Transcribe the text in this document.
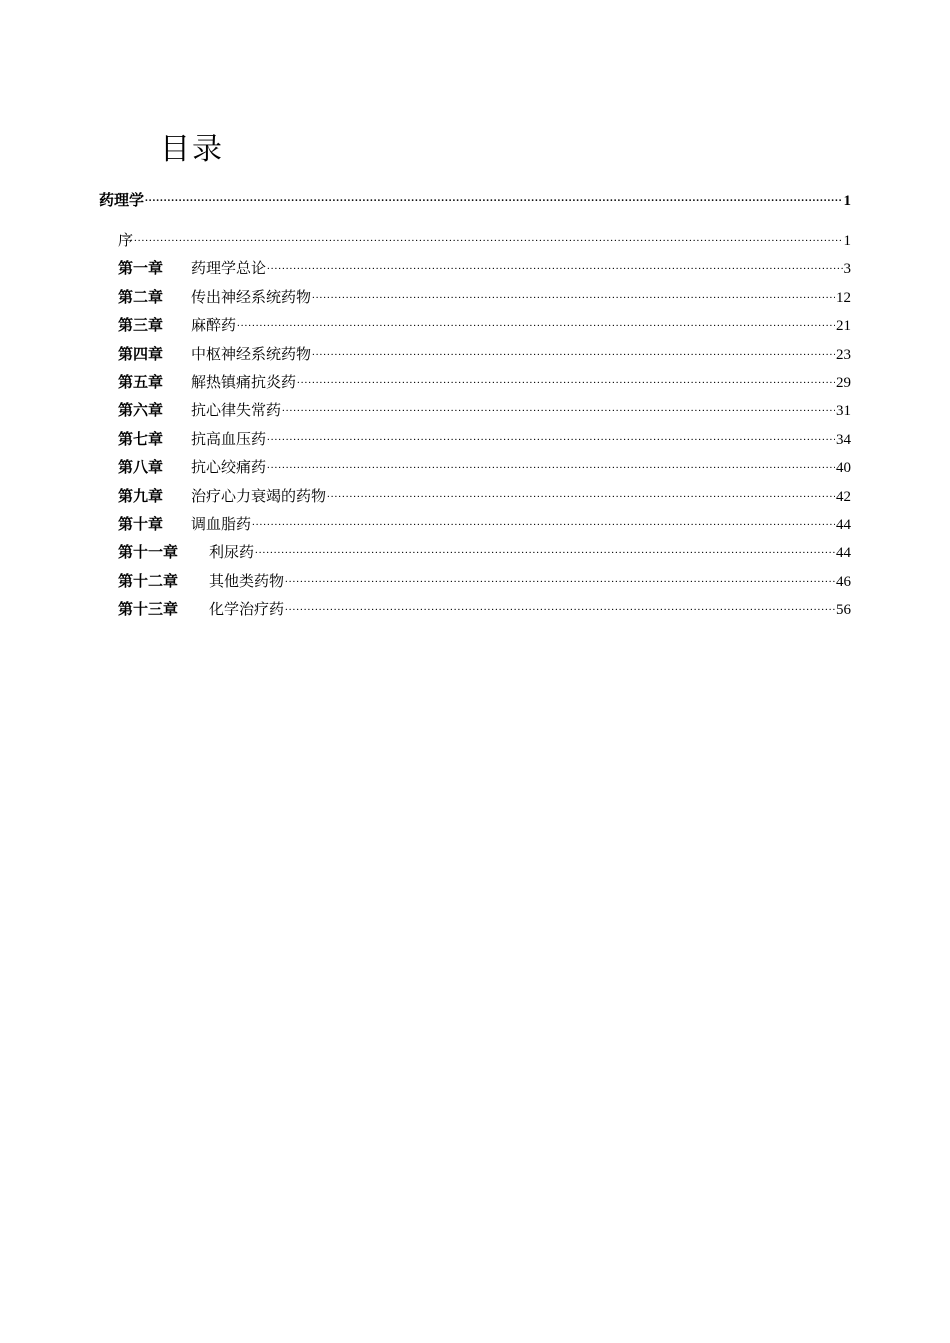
目录
药理学 .....	1
序 .....	1
第一章	药理学总论 .....	3
第二章	传出神经系统药物 .....	12
第三章	麻醉药 .....	21
第四章	中枢神经系统药物 .....	23
第五章	解热镇痛抗炎药 .....	29
第六章	抗心律失常药 .....	31
第七章	抗高血压药 .....	34
第八章	抗心绞痛药 .....	40
第九章	治疗心力衰竭的药物 .....	42
第十章	调血脂药 .....	44
第十一章	利尿药 .....	44
第十二章	其他类药物 .....	46
第十三章	化学治疗药 .....	56
